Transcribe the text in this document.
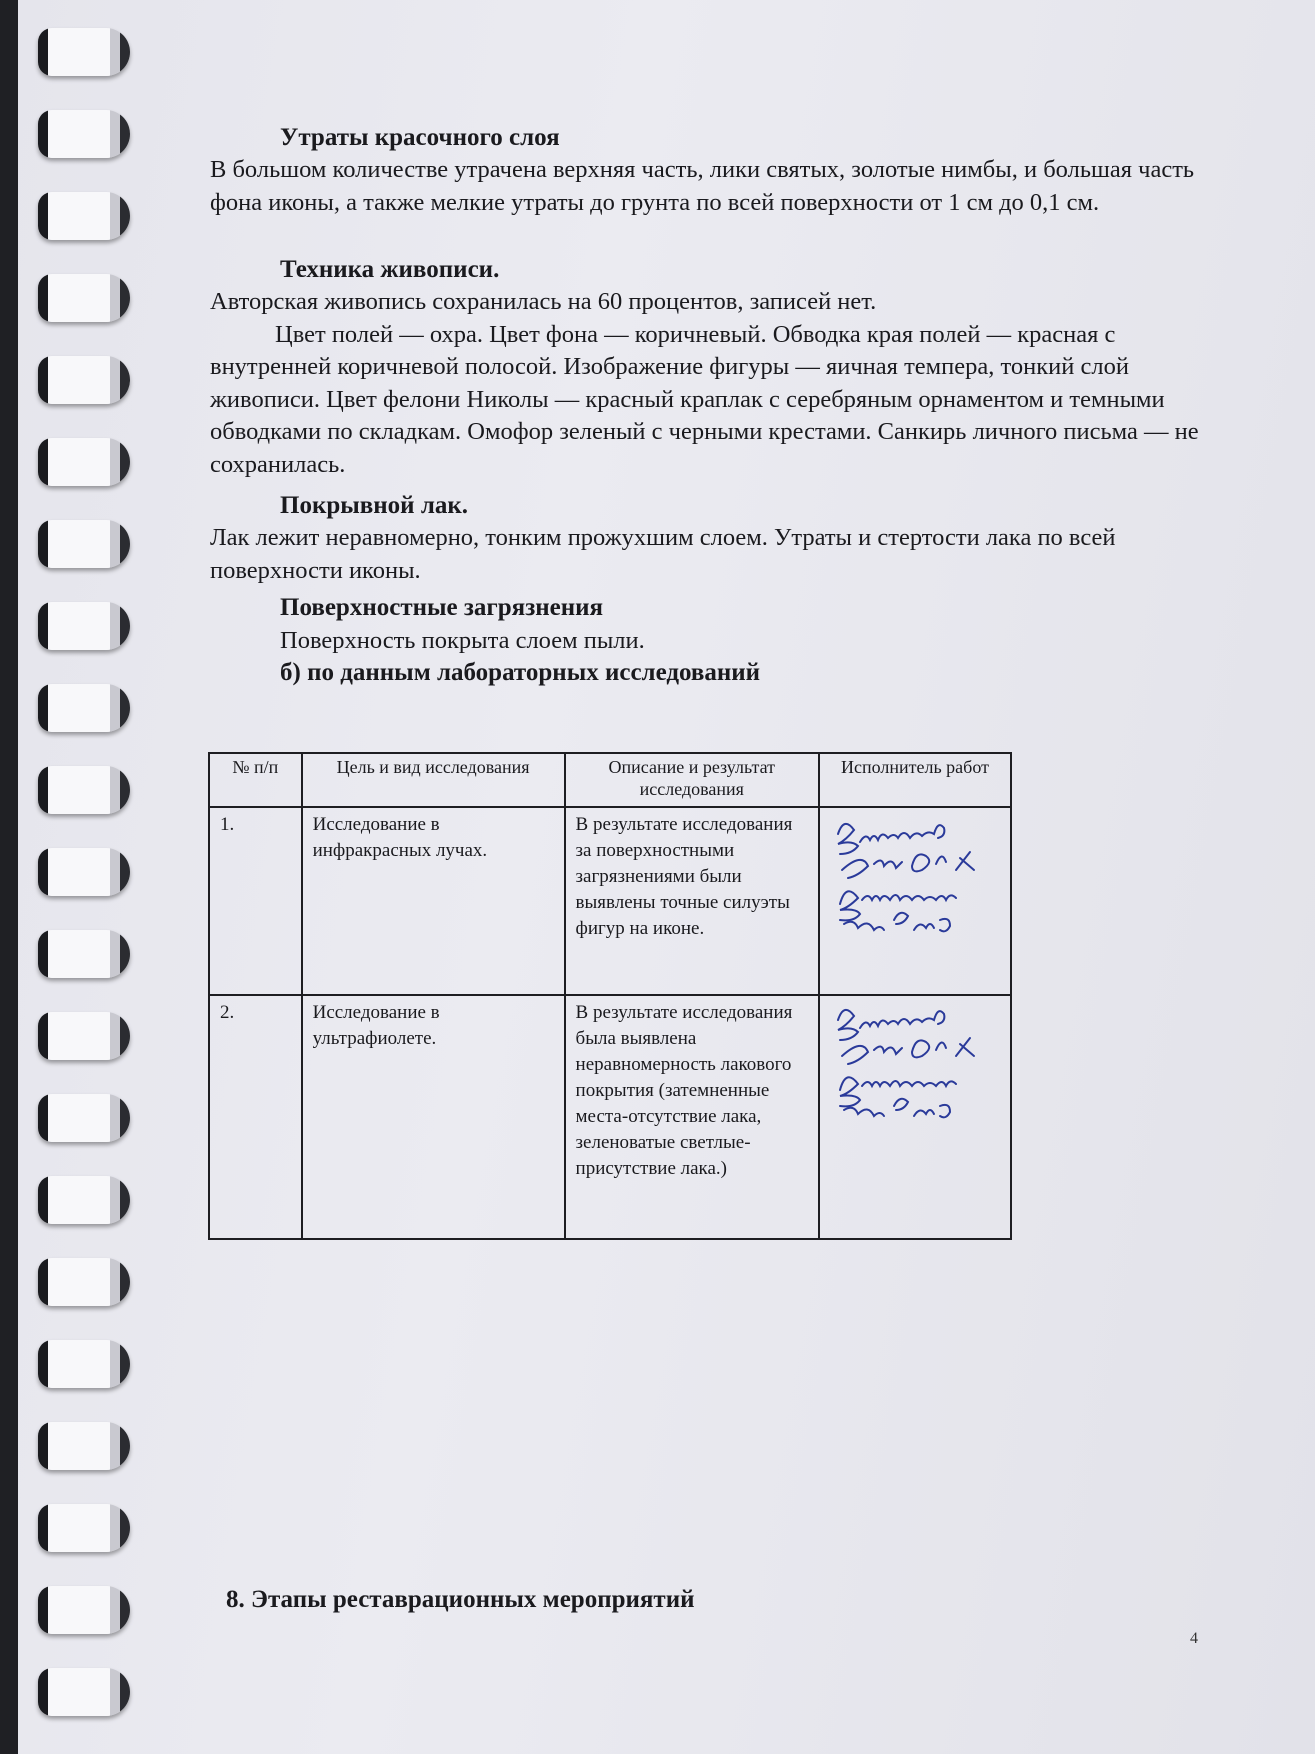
Утраты красочного слоя
В большом количестве утрачена верхняя часть, лики святых, золотые нимбы, и большая часть фона иконы, а также мелкие утраты до грунта по всей поверхности от 1 см до 0,1 см.
Техника живописи.
Авторская живопись сохранилась на 60 процентов, записей нет.
Цвет полей — охра. Цвет фона — коричневый. Обводка края полей — красная с внутренней коричневой полосой. Изображение фигуры — яичная темпера, тонкий слой живописи. Цвет фелони Николы — красный краплак с серебряным орнаментом и темными обводками по складкам. Омофор зеленый с черными крестами. Санкирь личного письма — не сохранилась.
Покрывной лак.
Лак лежит неравномерно, тонким прожухшим слоем. Утраты и стертости лака по всей поверхности иконы.
Поверхностные загрязнения
Поверхность покрыта слоем пыли.
б) по данным лабораторных исследований
№ п/п	Цель и вид исследования	Описание и результат исследования	Исполнитель работ
1.	Исследование в инфракрасных лучах.	В результате исследования за поверхностными загрязнениями были выявлены точные силуэты фигур на иконе.	

2.	Исследование в ультрафиолете.	В результате исследования была выявлена неравномерность лакового покрытия (затемненные места-отсутствие лака, зеленоватые светлые-присутствие лака.)	
8. Этапы реставрационных мероприятий
4
